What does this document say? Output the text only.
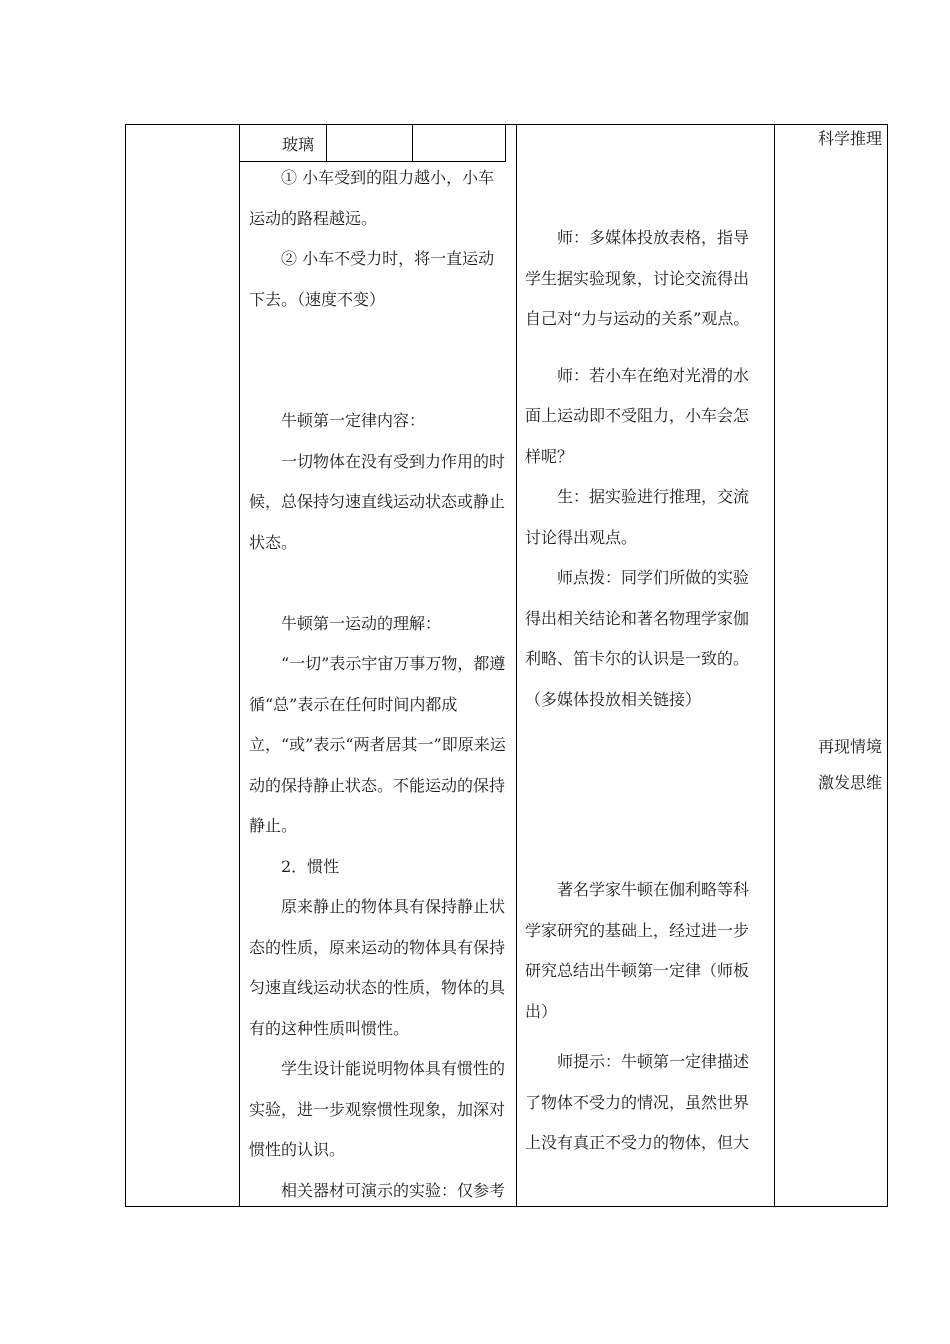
玻璃

① 小车受到的阻力越小，小车运动的路程越远。

② 小车不受力时，将一直运动下去。（速度不变）

牛顿第一定律内容：

一切物体在没有受到力作用的时候，总保持匀速直线运动状态或静止状态。

牛顿第一运动的理解：

“一切”表示宇宙万事万物，都遵循“总”表示在任何时间内都成立，“或”表示“两者居其一”即原来运动的保持静止状态。不能运动的保持静止。

2．惯性

原来静止的物体具有保持静止状态的性质，原来运动的物体具有保持匀速直线运动状态的性质，物体的具有的这种性质叫惯性。

学生设计能说明物体具有惯性的实验，进一步观察惯性现象，加深对惯性的认识。

相关器材可演示的实验：仅参考

师：多媒体投放表格，指导学生据实验现象，讨论交流得出自己对“力与运动的关系”观点。

师：若小车在绝对光滑的水面上运动即不受阻力，小车会怎样呢？

生：据实验进行推理，交流讨论得出观点。

师点拨：同学们所做的实验得出相关结论和著名物理学家伽利略、笛卡尔的认识是一致的。

（多媒体投放相关链接）

著名学家牛顿在伽利略等科学家研究的基础上，经过进一步研究总结出牛顿第一定律（师板出）

师提示：牛顿第一定律描述了物体不受力的情况，虽然世界上没有真正不受力的物体，但大

科学推理
再现情境
激发思维
